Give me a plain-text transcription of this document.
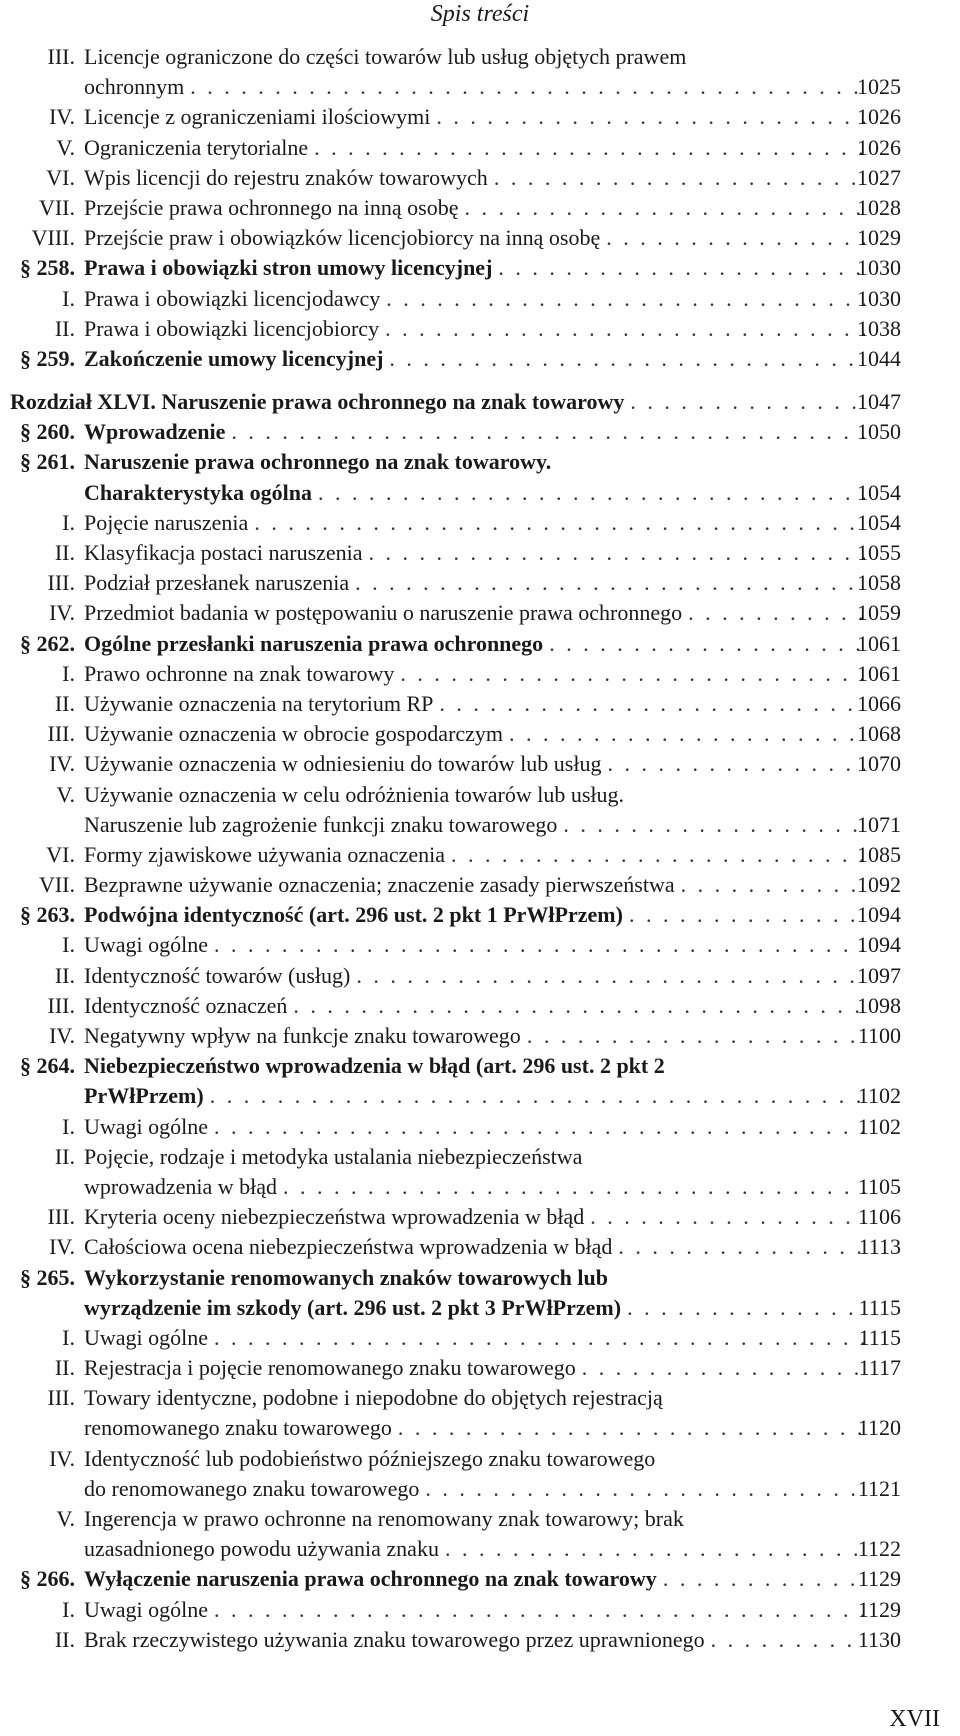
Spis treści
III. Licencje ograniczone do części towarów lub usług objętych prawem
ochronnym . . .	1025
IV. Licencje z ograniczeniami ilościowymi . . .	1026
V. Ograniczenia terytorialne . . .	1026
VI. Wpis licencji do rejestru znaków towarowych . . .	1027
VII. Przejście prawa ochronnego na inną osobę . . .	1028
VIII. Przejście praw i obowiązków licencjobiorcy na inną osobę . . .	1029
§ 258. Prawa i obowiązki stron umowy licencyjnej . . .	1030
I. Prawa i obowiązki licencjodawcy . . .	1030
II. Prawa i obowiązki licencjobiorcy . . .	1038
§ 259. Zakończenie umowy licencyjnej . . .	1044
Rozdział XLVI. Naruszenie prawa ochronnego na znak towarowy . . .	1047
§ 260. Wprowadzenie . . .	1050
§ 261. Naruszenie prawa ochronnego na znak towarowy.
Charakterystyka ogólna . . .	1054
I. Pojęcie naruszenia . . .	1054
II. Klasyfikacja postaci naruszenia . . .	1055
III. Podział przesłanek naruszenia . . .	1058
IV. Przedmiot badania w postępowaniu o naruszenie prawa ochronnego . . .	1059
§ 262. Ogólne przesłanki naruszenia prawa ochronnego . . .	1061
I. Prawo ochronne na znak towarowy . . .	1061
II. Używanie oznaczenia na terytorium RP . . .	1066
III. Używanie oznaczenia w obrocie gospodarczym . . .	1068
IV. Używanie oznaczenia w odniesieniu do towarów lub usług . . .	1070
V. Używanie oznaczenia w celu odróżnienia towarów lub usług.
Naruszenie lub zagrożenie funkcji znaku towarowego . . .	1071
VI. Formy zjawiskowe używania oznaczenia . . .	1085
VII. Bezprawne używanie oznaczenia; znaczenie zasady pierwszeństwa . . .	1092
§ 263. Podwójna identyczność (art. 296 ust. 2 pkt 1 PrWłPrzem) . . .	1094
I. Uwagi ogólne . . .	1094
II. Identyczność towarów (usług) . . .	1097
III. Identyczność oznaczeń . . .	1098
IV. Negatywny wpływ na funkcje znaku towarowego . . .	1100
§ 264. Niebezpieczeństwo wprowadzenia w błąd (art. 296 ust. 2 pkt 2
PrWłPrzem) . . .	1102
I. Uwagi ogólne . . .	1102
II. Pojęcie, rodzaje i metodyka ustalania niebezpieczeństwa
wprowadzenia w błąd . . .	1105
III. Kryteria oceny niebezpieczeństwa wprowadzenia w błąd . . .	1106
IV. Całościowa ocena niebezpieczeństwa wprowadzenia w błąd . . .	1113
§ 265. Wykorzystanie renomowanych znaków towarowych lub
wyrządzenie im szkody (art. 296 ust. 2 pkt 3 PrWłPrzem) . . .	1115
I. Uwagi ogólne . . .	1115
II. Rejestracja i pojęcie renomowanego znaku towarowego . . .	1117
III. Towary identyczne, podobne i niepodobne do objętych rejestracją
renomowanego znaku towarowego . . .	1120
IV. Identyczność lub podobieństwo późniejszego znaku towarowego
do renomowanego znaku towarowego . . .	1121
V. Ingerencja w prawo ochronne na renomowany znak towarowy; brak
uzasadnionego powodu używania znaku . . .	1122
§ 266. Wyłączenie naruszenia prawa ochronnego na znak towarowy . . .	1129
I. Uwagi ogólne . . .	1129
II. Brak rzeczywistego używania znaku towarowego przez uprawnionego . . .	1130
XVII
